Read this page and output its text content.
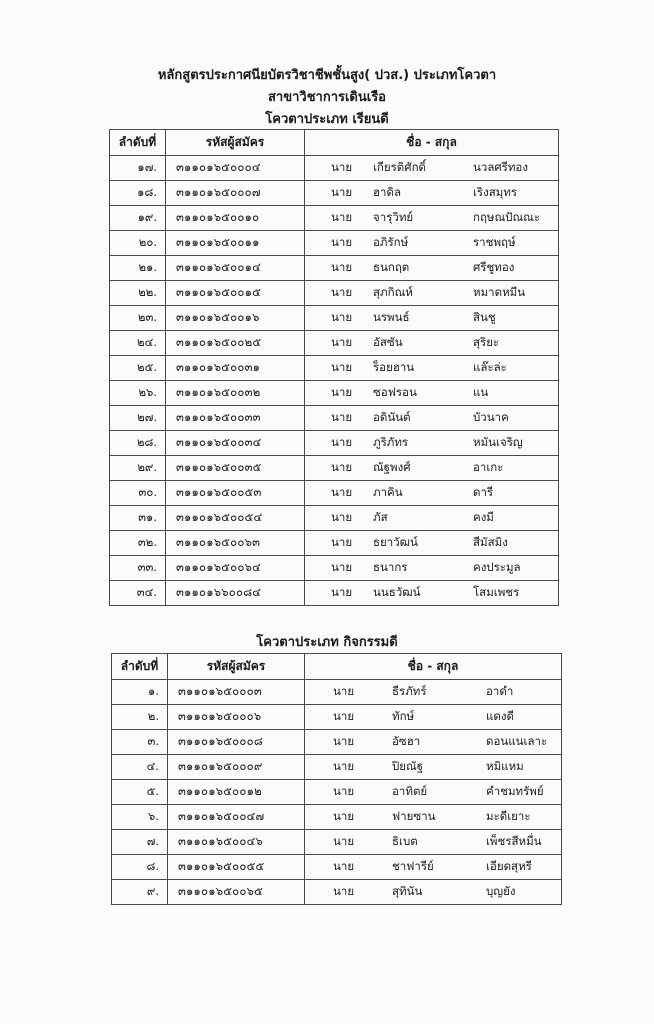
หลักสูตรประกาศนียบัตรวิชาชีพชั้นสูง( ปวส.) ประเภทโควตา
สาขาวิชาการเดินเรือ
โควตาประเภท เรียนดี
ลำดับที่	รหัสผู้สมัคร	ชื่อ - สกุล
๑๗.	๓๑๑๐๑๖๕๐๐๐๔	นาย เกียรติศักดิ์ นวลศรีทอง

๑๘.	๓๑๑๐๑๖๕๐๐๐๗	นาย ฮาดิล เริงสมุทร

๑๙.	๓๑๑๐๑๖๕๐๐๑๐	นาย จารุวิทย์ กฤษณปัณณะ

๒๐.	๓๑๑๐๑๖๕๐๐๑๑	นาย อภิรักษ์ ราชพฤษ์

๒๑.	๓๑๑๐๑๖๕๐๐๑๔	นาย ธนกฤต ศรีชูทอง

๒๒.	๓๑๑๐๑๖๕๐๐๑๕	นาย สุภกิณห์ หมาดหมีน

๒๓.	๓๑๑๐๑๖๕๐๐๑๖	นาย นรพนธ์ สินชู

๒๔.	๓๑๑๐๑๖๕๐๐๒๕	นาย อัสซัน สุริยะ

๒๕.	๓๑๑๐๑๖๕๐๐๓๑	นาย ร็อยฮาน แล๊ะล่ะ

๒๖.	๓๑๑๐๑๖๕๐๐๓๒	นาย ซอฟรอน แน

๒๗.	๓๑๑๐๑๖๕๐๐๓๓	นาย อดินันต์ บัวนาค

๒๘.	๓๑๑๐๑๖๕๐๐๓๔	นาย ภูริภัทร หมันเจริญ

๒๙.	๓๑๑๐๑๖๕๐๐๓๕	นาย ณัฐพงศ์ อาเกะ

๓๐.	๓๑๑๐๑๖๕๐๐๕๓	นาย ภาคิน ดารี

๓๑.	๓๑๑๐๑๖๕๐๐๕๔	นาย ภัส คงมี

๓๒.	๓๑๑๐๑๖๕๐๐๖๓	นาย ธยาวัฒน์ สีมัสมิง

๓๓.	๓๑๑๐๑๖๕๐๐๖๔	นาย ธนากร คงประมูล

๓๔.	๓๑๑๐๑๖๖๐๐๘๔	นาย นนธวัฒน์ โสมเพชร
โควตาประเภท กิจกรรมดี
ลำดับที่	รหัสผู้สมัคร	ชื่อ - สกุล
๑.	๓๑๑๐๑๖๕๐๐๐๓	นาย ธีรภัทร์ อาดำ

๒.	๓๑๑๐๑๖๕๐๐๐๖	นาย ทักษ์ แดงดี

๓.	๓๑๑๐๑๖๕๐๐๐๘	นาย อัซฮา ดอนแนเลาะ

๔.	๓๑๑๐๑๖๕๐๐๐๙	นาย ปิยณัฐ หมิแหม

๕.	๓๑๑๐๑๖๕๐๐๑๒	นาย อาทิตย์ คำชมทรัพย์

๖.	๓๑๑๐๑๖๕๐๐๔๗	นาย ฟายซาน มะดีเยาะ

๗.	๓๑๑๐๑๖๕๐๐๔๖	นาย ธิเบต เพ็ชรสีหมื่น

๘.	๓๑๑๐๑๖๕๐๐๕๕	นาย ชาฟารีย์ เอียดสุหรี

๙.	๓๑๑๐๑๖๕๐๐๖๕	นาย สุทินัน บุญยัง
